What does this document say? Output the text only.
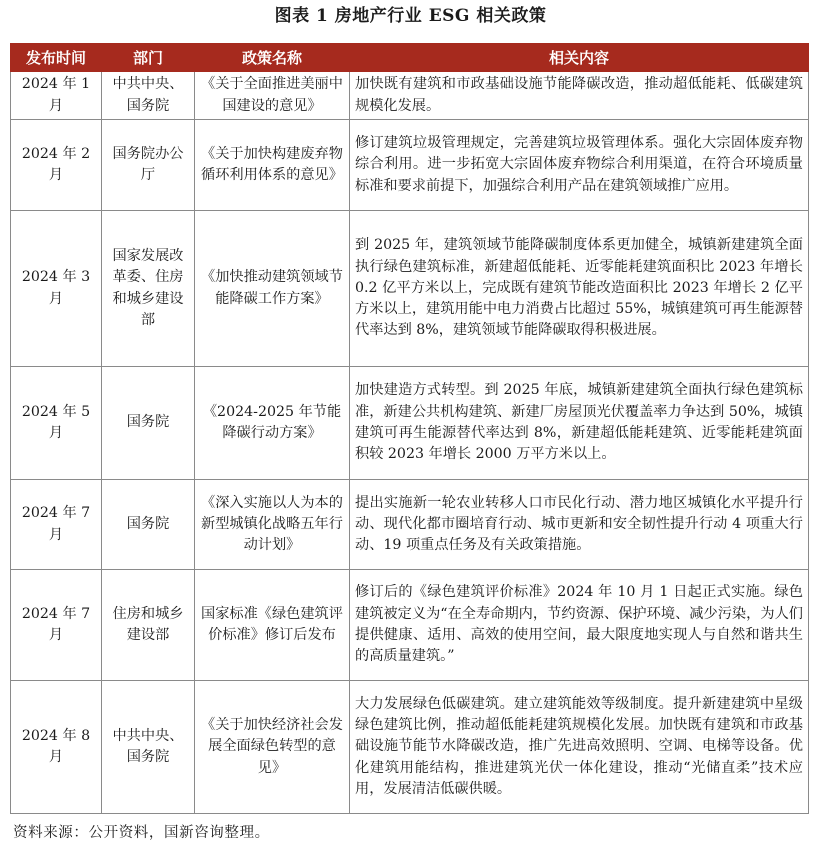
图表 1 房地产行业 ESG 相关政策
发布时间	部门	政策名称	相关内容
2024 年 1 月	中共中央、国务院	《关于全面推进美丽中国建设的意见》	加快既有建筑和市政基础设施节能降碳改造，推动超低能耗、低碳建筑规模化发展。
2024 年 2 月	国务院办公厅	《关于加快构建废弃物循环利用体系的意见》	修订建筑垃圾管理规定，完善建筑垃圾管理体系。强化大宗固体废弃物综合利用。进一步拓宽大宗固体废弃物综合利用渠道，在符合环境质量标准和要求前提下，加强综合利用产品在建筑领域推广应用。
2024 年 3 月	国家发展改革委、住房和城乡建设部	《加快推动建筑领域节能降碳工作方案》	到 2025 年，建筑领域节能降碳制度体系更加健全，城镇新建建筑全面执行绿色建筑标准，新建超低能耗、近零能耗建筑面积比 2023 年增长 0.2 亿平方米以上，完成既有建筑节能改造面积比 2023 年增长 2 亿平方米以上，建筑用能中电力消费占比超过 55%，城镇建筑可再生能源替代率达到 8%，建筑领域节能降碳取得积极进展。
2024 年 5 月	国务院	《2024-2025 年节能降碳行动方案》	加快建造方式转型。到 2025 年底，城镇新建建筑全面执行绿色建筑标准，新建公共机构建筑、新建厂房屋顶光伏覆盖率力争达到 50%，城镇建筑可再生能源替代率达到 8%，新建超低能耗建筑、近零能耗建筑面积较 2023 年增长 2000 万平方米以上。
2024 年 7 月	国务院	《深入实施以人为本的新型城镇化战略五年行动计划》	提出实施新一轮农业转移人口市民化行动、潜力地区城镇化水平提升行动、现代化都市圈培育行动、城市更新和安全韧性提升行动 4 项重大行动、19 项重点任务及有关政策措施。
2024 年 7 月	住房和城乡建设部	国家标准《绿色建筑评价标准》修订后发布	修订后的《绿色建筑评价标准》2024 年 10 月 1 日起正式实施。绿色建筑被定义为“在全寿命期内，节约资源、保护环境、减少污染，为人们提供健康、适用、高效的使用空间，最大限度地实现人与自然和谐共生的高质量建筑。”
2024 年 8 月	中共中央、国务院	《关于加快经济社会发展全面绿色转型的意见》	大力发展绿色低碳建筑。建立建筑能效等级制度。提升新建建筑中星级绿色建筑比例，推动超低能耗建筑规模化发展。加快既有建筑和市政基础设施节能节水降碳改造，推广先进高效照明、空调、电梯等设备。优化建筑用能结构，推进建筑光伏一体化建设，推动“光储直柔”技术应用，发展清洁低碳供暖。
资料来源：公开资料，国新咨询整理。
